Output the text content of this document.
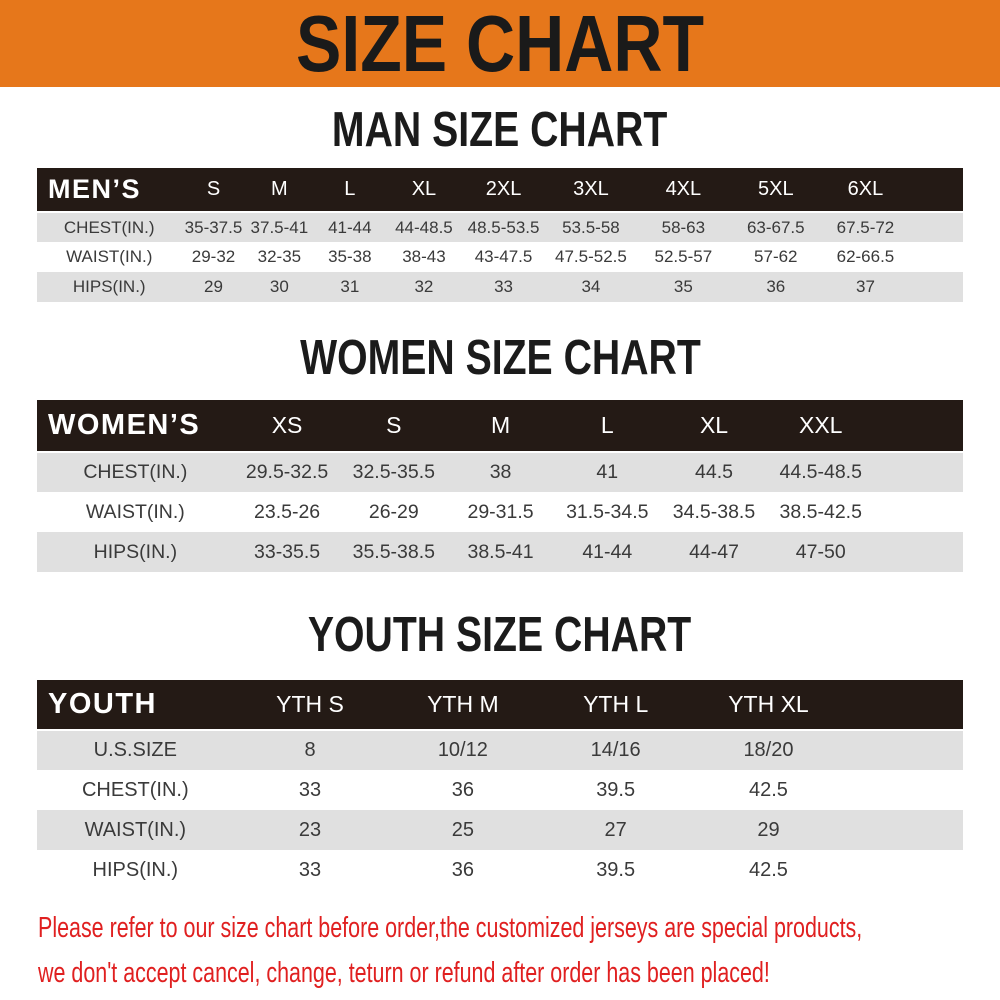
SIZE CHART
MAN SIZE CHART
MEN’S	S	M	L	XL	2XL	3XL	4XL	5XL	6XL	
CHEST(IN.)	35-37.5	37.5-41	41-44	44-48.5	48.5-53.5	53.5-58	58-63	63-67.5	67.5-72	
WAIST(IN.)	29-32	32-35	35-38	38-43	43-47.5	47.5-52.5	52.5-57	57-62	62-66.5	
HIPS(IN.)	29	30	31	32	33	34	35	36	37	
WOMEN SIZE CHART
WOMEN’S	XS	S	M	L	XL	XXL	
CHEST(IN.)	29.5-32.5	32.5-35.5	38	41	44.5	44.5-48.5	
WAIST(IN.)	23.5-26	26-29	29-31.5	31.5-34.5	34.5-38.5	38.5-42.5	
HIPS(IN.)	33-35.5	35.5-38.5	38.5-41	41-44	44-47	47-50	
YOUTH SIZE CHART
YOUTH	YTH S	YTH M	YTH L	YTH XL	
U.S.SIZE	8	10/12	14/16	18/20	
CHEST(IN.)	33	36	39.5	42.5	
WAIST(IN.)	23	25	27	29	
HIPS(IN.)	33	36	39.5	42.5	

Please refer to our size chart before order,the customized jerseys are special products,

we don't accept cancel, change, teturn or refund after order has been placed!
